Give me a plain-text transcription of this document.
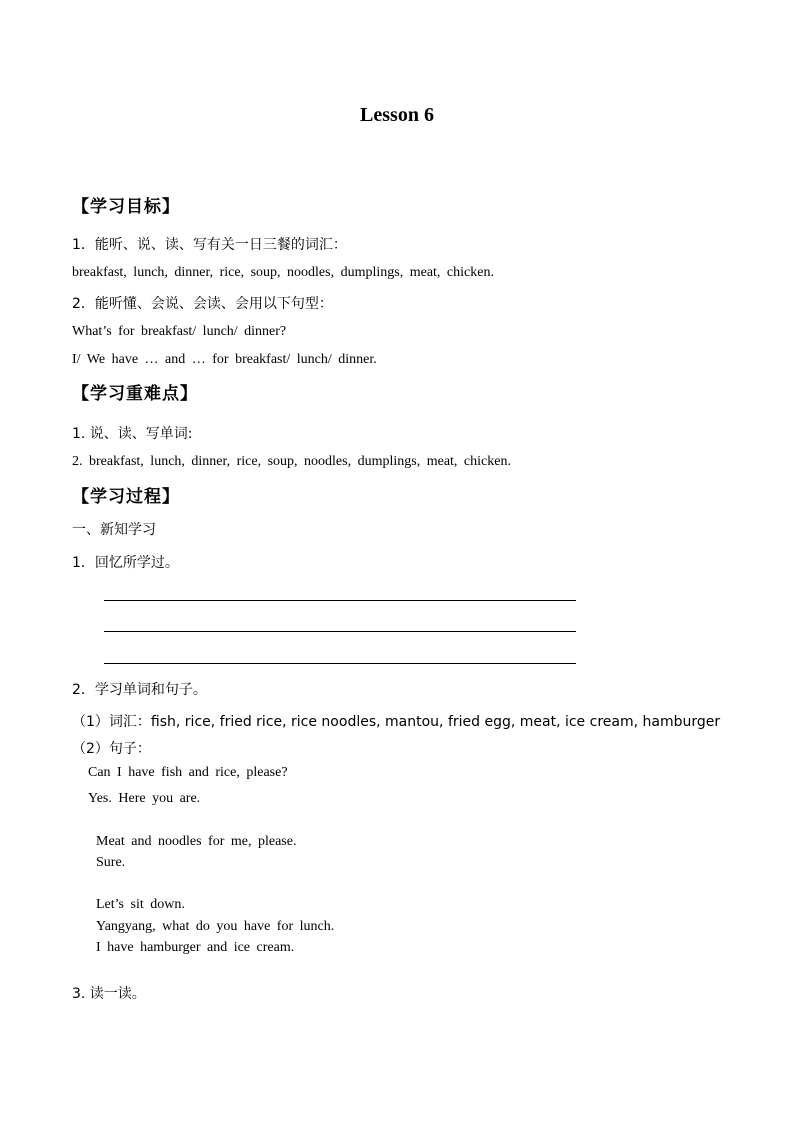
Lesson 6
【学习目标】
1．能听、说、读、写有关一日三餐的词汇：
breakfast, lunch, dinner, rice, soup, noodles, dumplings, meat, chicken.
2．能听懂、会说、会读、会用以下句型：
What’s for breakfast/ lunch/ dinner?
I/ We have … and … for breakfast/ lunch/ dinner.
【学习重难点】
1. 说、读、写单词:
2. breakfast, lunch, dinner, rice, soup, noodles, dumplings, meat, chicken.
【学习过程】
一、新知学习
1．回忆所学过。
2．学习单词和句子。
（1）词汇：fish, rice, fried rice, rice noodles, mantou, fried egg, meat, ice cream, hamburger
（2）句子：
Can I have fish and rice, please?
Yes. Here you are.
Meat and noodles for me, please.
Sure.
Let’s sit down.
Yangyang, what do you have for lunch.
I have hamburger and ice cream.
3. 读一读。
